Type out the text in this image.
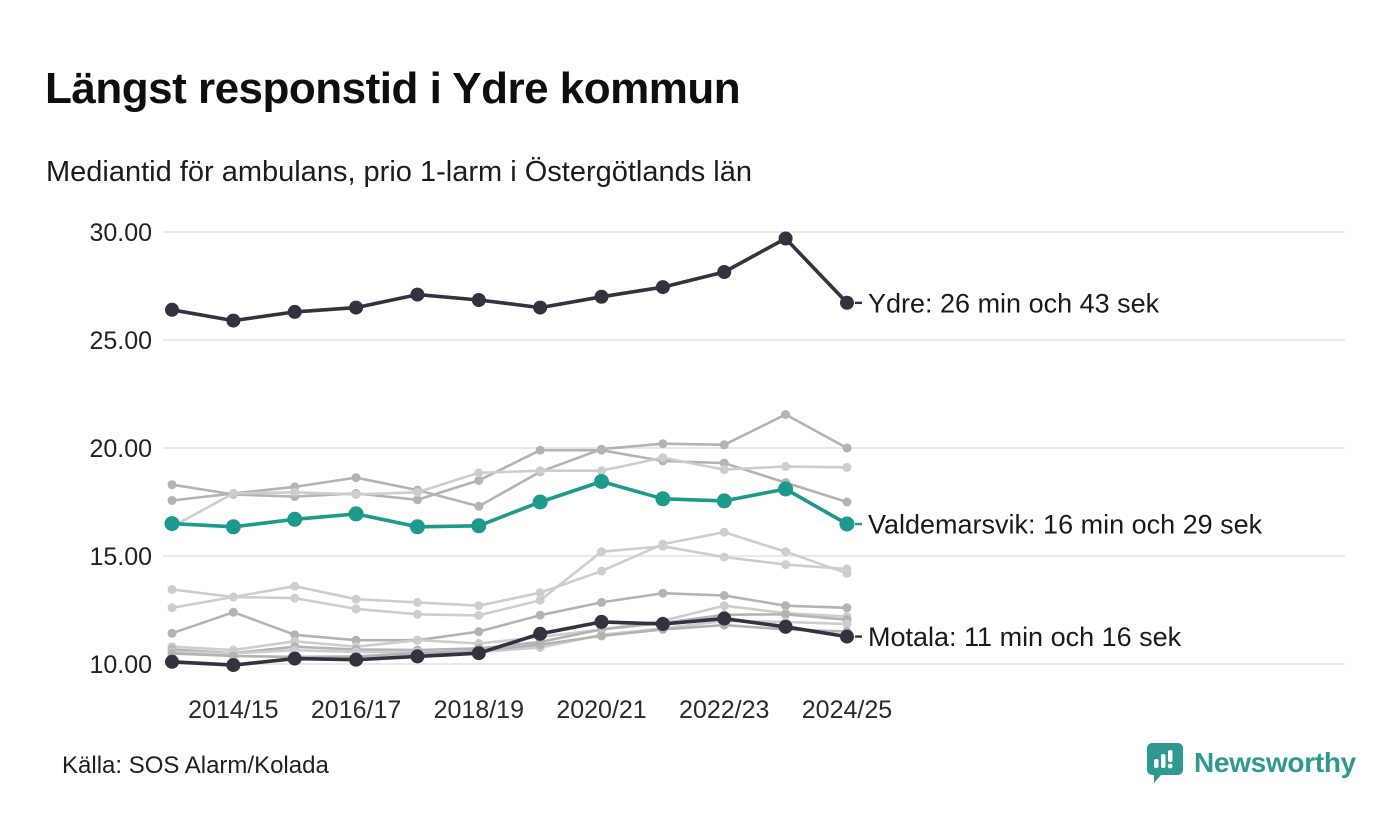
30.00
25.00
20.00
15.00
10.00
2014/15 2016/17 2018/19 2020/21 2022/23 2024/25
Valdemarsvik: 16 min och 29 sek
Motala: 11 min och 16 sek
Ydre: 26 min och 43 sek
Längst responstid i Ydre kommun
Mediantid för ambulans, prio 1-larm i Östergötlands län
Källa: SOS Alarm/Kolada	Newsworthy
